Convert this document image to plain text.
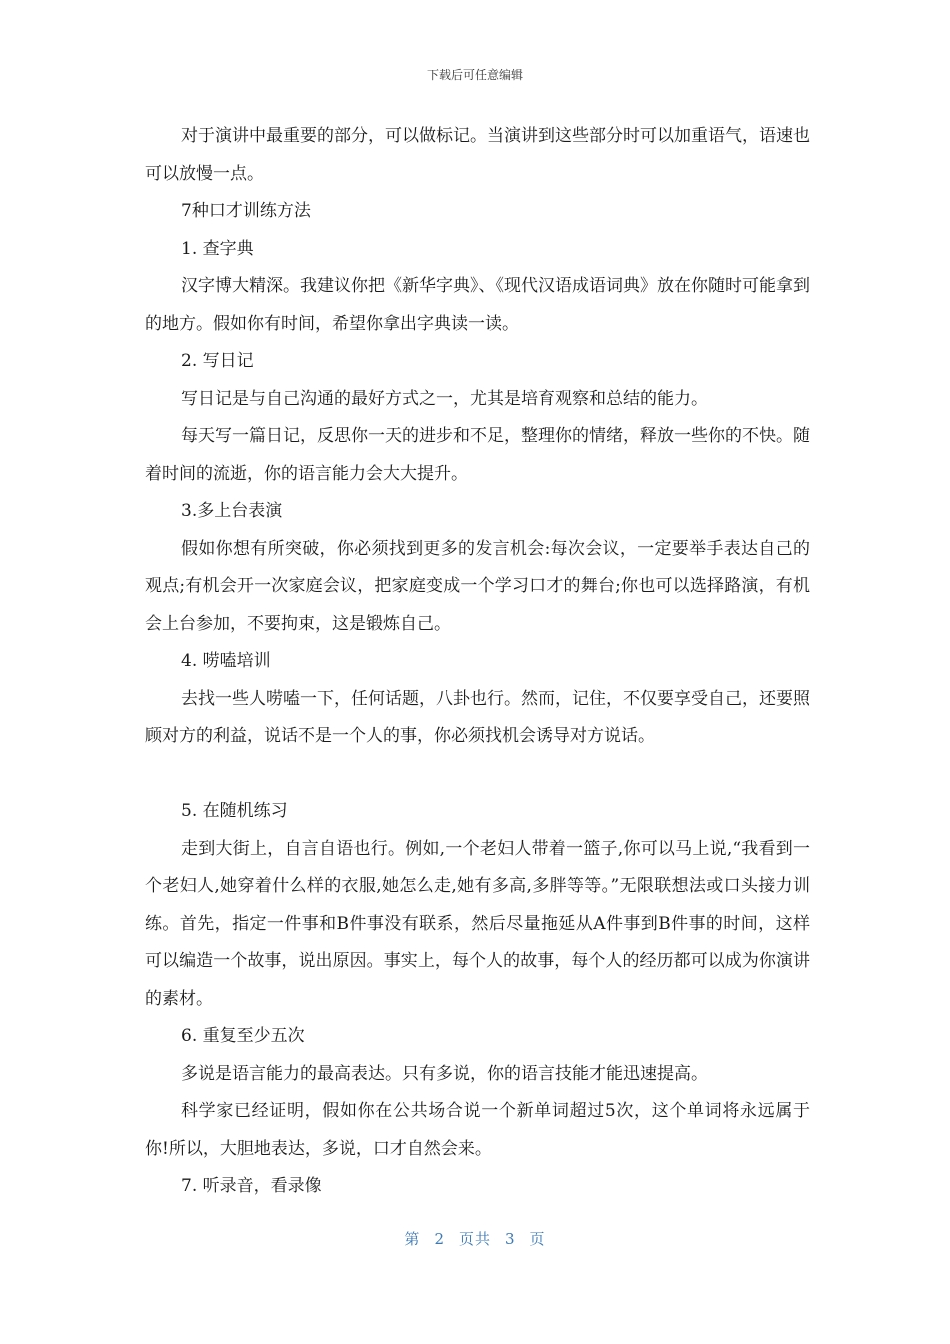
下载后可任意编辑

对于演讲中最重要的部分，可以做标记。当演讲到这些部分时可以加重语气，语速也可以放慢一点。

7种口才训练方法

1. 查字典

汉字博大精深。我建议你把《新华字典》、《现代汉语成语词典》放在你随时可能拿到的地方。假如你有时间，希望你拿出字典读一读。

2. 写日记

写日记是与自己沟通的最好方式之一，尤其是培育观察和总结的能力。

每天写一篇日记，反思你一天的进步和不足，整理你的情绪，释放一些你的不快。随着时间的流逝，你的语言能力会大大提升。

3.多上台表演

假如你想有所突破，你必须找到更多的发言机会:每次会议，一定要举手表达自己的观点;有机会开一次家庭会议，把家庭变成一个学习口才的舞台;你也可以选择路演，有机会上台参加，不要拘束，这是锻炼自己。

4. 唠嗑培训

去找一些人唠嗑一下，任何话题，八卦也行。然而，记住，不仅要享受自己，还要照顾对方的利益，说话不是一个人的事，你必须找机会诱导对方说话。

5. 在随机练习

走到大街上，自言自语也行。例如,一个老妇人带着一篮子,你可以马上说,“我看到一个老妇人,她穿着什么样的衣服,她怎么走,她有多高,多胖等等。”无限联想法或口头接力训练。首先，指定一件事和B件事没有联系，然后尽量拖延从A件事到B件事的时间，这样可以编造一个故事，说出原因。事实上，每个人的故事，每个人的经历都可以成为你演讲的素材。

6. 重复至少五次

多说是语言能力的最高表达。只有多说，你的语言技能才能迅速提高。

科学家已经证明，假如你在公共场合说一个新单词超过5次，这个单词将永远属于你!所以，大胆地表达，多说，口才自然会来。

7. 听录音，看录像

第 2 页共 3 页
